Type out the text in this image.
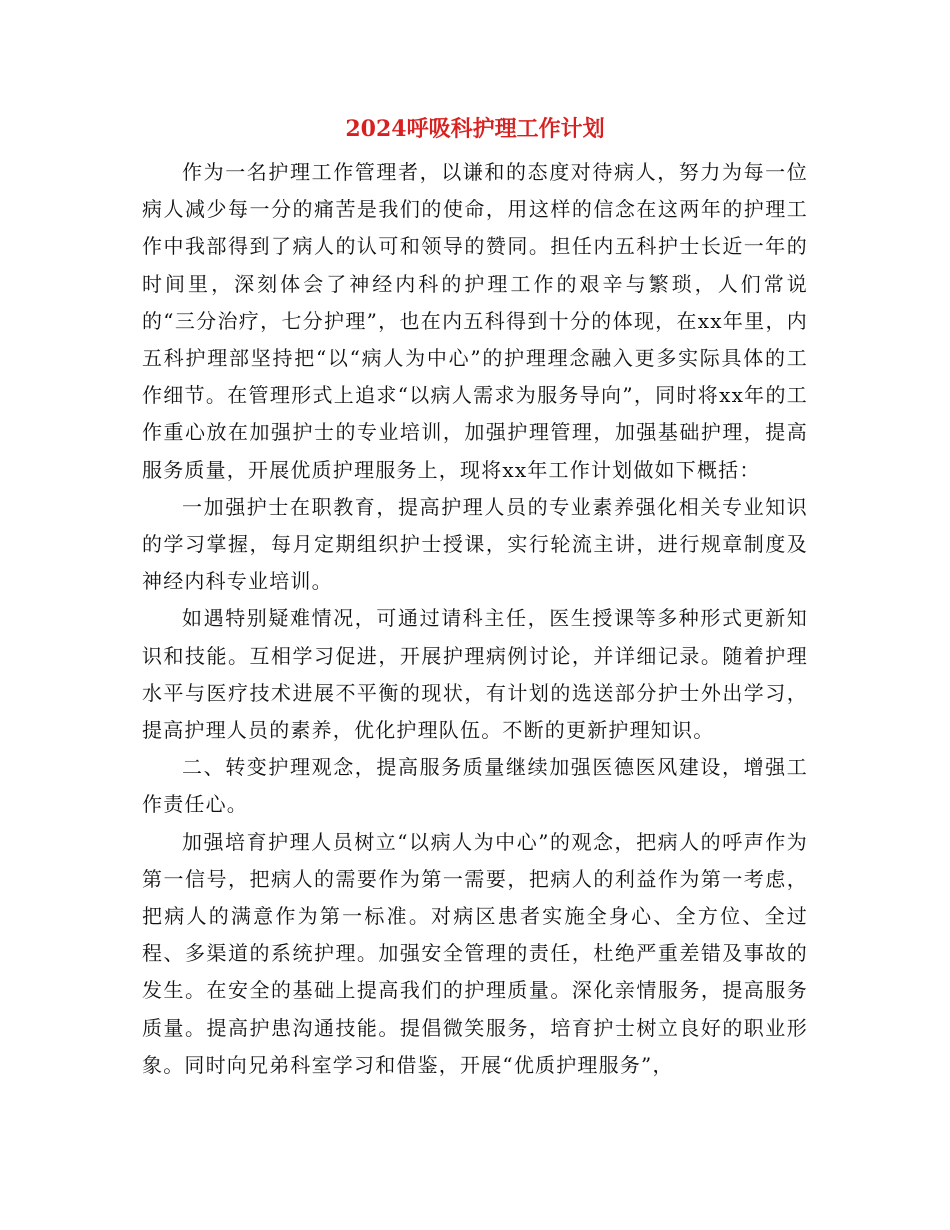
2024呼吸科护理工作计划

作为一名护理工作管理者，以谦和的态度对待病人，努力为每一位病人减少每一分的痛苦是我们的使命，用这样的信念在这两年的护理工作中我部得到了病人的认可和领导的赞同。担任内五科护士长近一年的时间里，深刻体会了神经内科的护理工作的艰辛与繁琐，人们常说的“三分治疗，七分护理”，也在内五科得到十分的体现，在xx年里，内五科护理部坚持把“以“病人为中心”的护理理念融入更多实际具体的工作细节。在管理形式上追求“以病人需求为服务导向”，同时将xx年的工作重心放在加强护士的专业培训，加强护理管理，加强基础护理，提高服务质量，开展优质护理服务上，现将xx年工作计划做如下概括：

一加强护士在职教育，提高护理人员的专业素养强化相关专业知识的学习掌握，每月定期组织护士授课，实行轮流主讲，进行规章制度及神经内科专业培训。

如遇特别疑难情况，可通过请科主任，医生授课等多种形式更新知识和技能。互相学习促进，开展护理病例讨论，并详细记录。随着护理水平与医疗技术进展不平衡的现状，有计划的选送部分护士外出学习，提高护理人员的素养，优化护理队伍。不断的更新护理知识。

二、转变护理观念，提高服务质量继续加强医德医风建设，增强工作责任心。

加强培育护理人员树立“以病人为中心”的观念，把病人的呼声作为第一信号，把病人的需要作为第一需要，把病人的利益作为第一考虑，把病人的满意作为第一标准。对病区患者实施全身心、全方位、全过程、多渠道的系统护理。加强安全管理的责任，杜绝严重差错及事故的发生。在安全的基础上提高我们的护理质量。深化亲情服务，提高服务质量。提高护患沟通技能。提倡微笑服务，培育护士树立良好的职业形象。同时向兄弟科室学习和借鉴，开展“优质护理服务”，
